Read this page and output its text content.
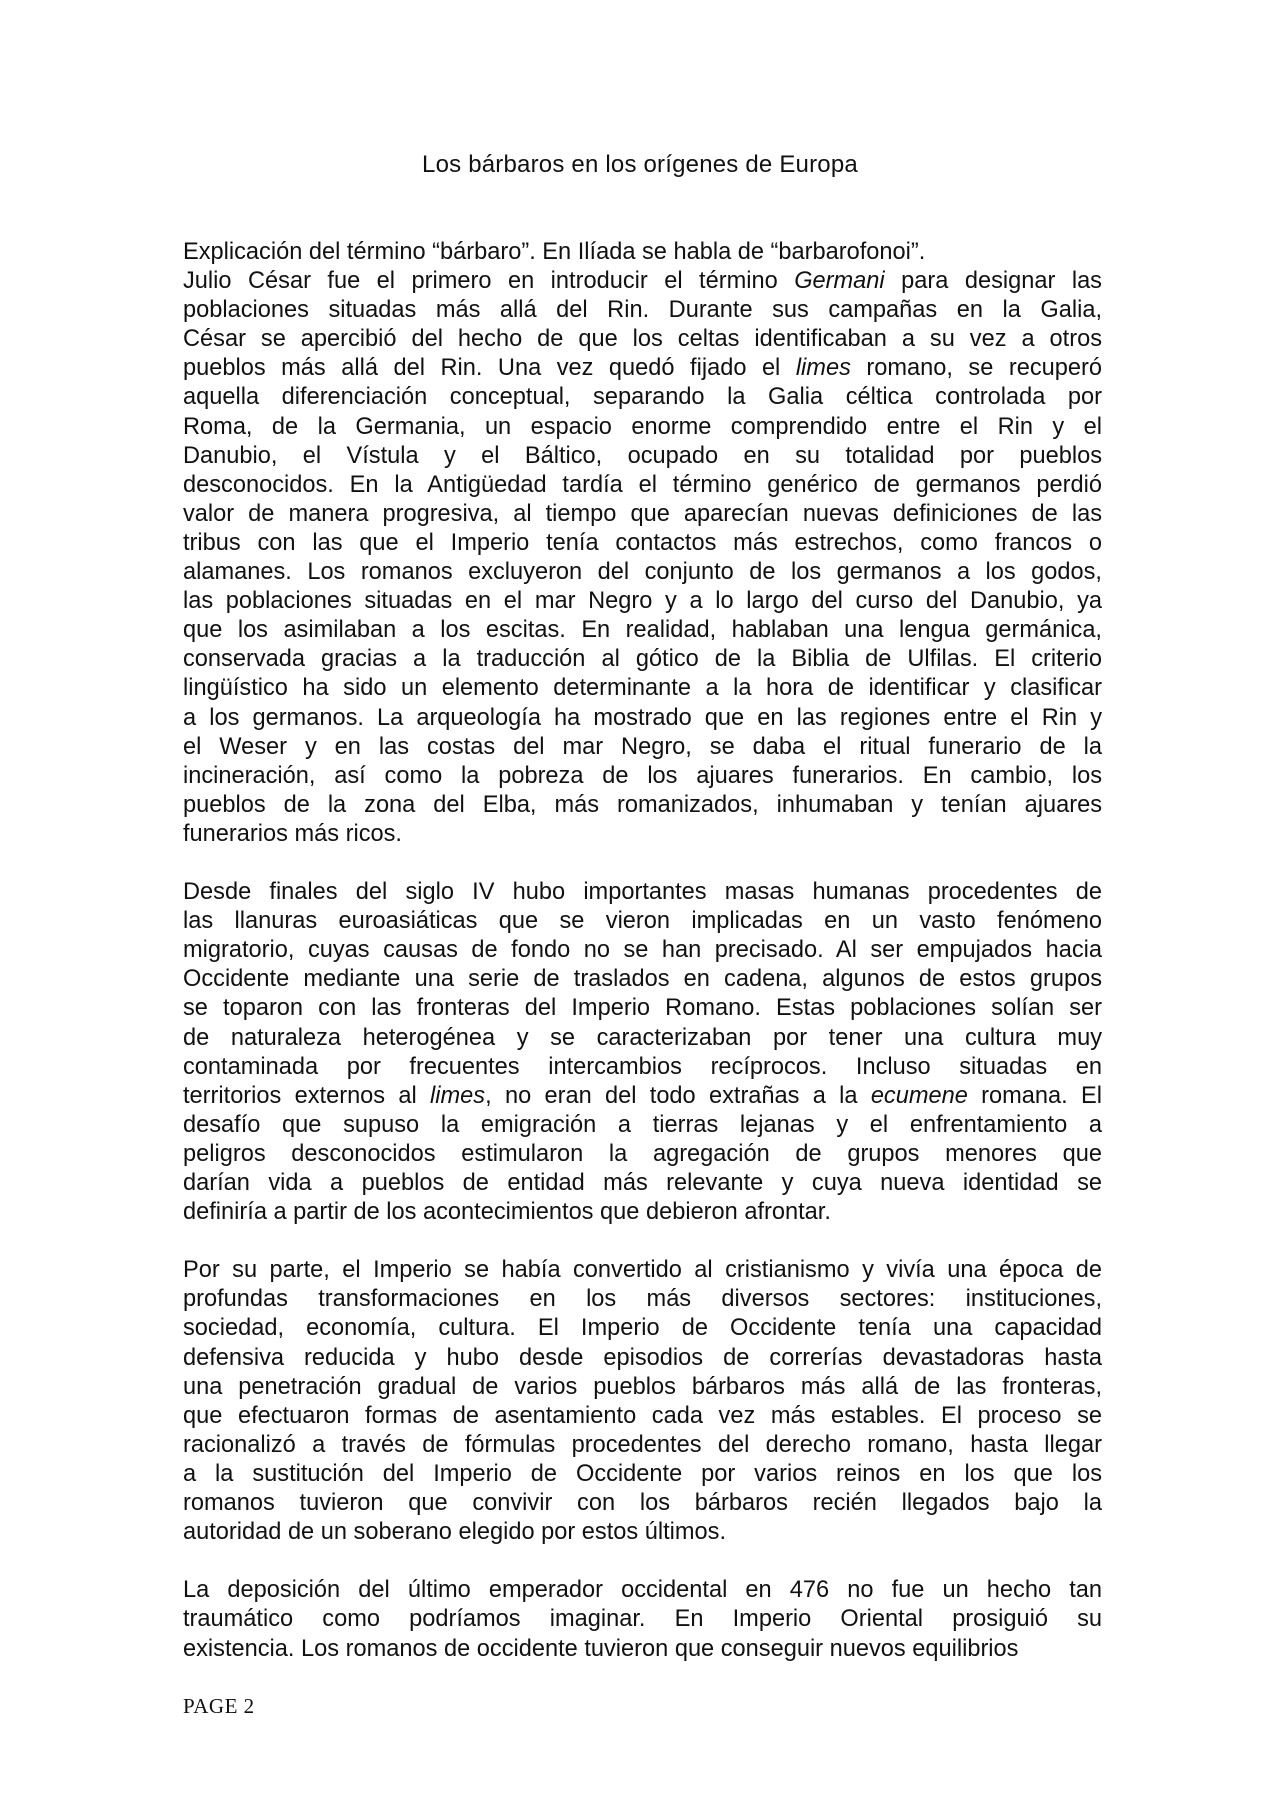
Los bárbaros en los orígenes de Europa
Explicación del término “bárbaro”. En Ilíada se habla de “barbarofonoi”.
Julio César fue el primero en introducir el término Germani para designar las
poblaciones situadas más allá del Rin. Durante sus campañas en la Galia,
César se apercibió del hecho de que los celtas identificaban a su vez a otros
pueblos más allá del Rin. Una vez quedó fijado el limes romano, se recuperó
aquella diferenciación conceptual, separando la Galia céltica controlada por
Roma, de la Germania, un espacio enorme comprendido entre el Rin y el
Danubio, el Vístula y el Báltico, ocupado en su totalidad por pueblos
desconocidos. En la Antigüedad tardía el término genérico de germanos perdió
valor de manera progresiva, al tiempo que aparecían nuevas definiciones de las
tribus con las que el Imperio tenía contactos más estrechos, como francos o
alamanes. Los romanos excluyeron del conjunto de los germanos a los godos,
las poblaciones situadas en el mar Negro y a lo largo del curso del Danubio, ya
que los asimilaban a los escitas. En realidad, hablaban una lengua germánica,
conservada gracias a la traducción al gótico de la Biblia de Ulfilas. El criterio
lingüístico ha sido un elemento determinante a la hora de identificar y clasificar
a los germanos. La arqueología ha mostrado que en las regiones entre el Rin y
el Weser y en las costas del mar Negro, se daba el ritual funerario de la
incineración, así como la pobreza de los ajuares funerarios. En cambio, los
pueblos de la zona del Elba, más romanizados, inhumaban y tenían ajuares
funerarios más ricos.
Desde finales del siglo IV hubo importantes masas humanas procedentes de
las llanuras euroasiáticas que se vieron implicadas en un vasto fenómeno
migratorio, cuyas causas de fondo no se han precisado. Al ser empujados hacia
Occidente mediante una serie de traslados en cadena, algunos de estos grupos
se toparon con las fronteras del Imperio Romano. Estas poblaciones solían ser
de naturaleza heterogénea y se caracterizaban por tener una cultura muy
contaminada por frecuentes intercambios recíprocos. Incluso situadas en
territorios externos al limes, no eran del todo extrañas a la ecumene romana. El
desafío que supuso la emigración a tierras lejanas y el enfrentamiento a
peligros desconocidos estimularon la agregación de grupos menores que
darían vida a pueblos de entidad más relevante y cuya nueva identidad se
definiría a partir de los acontecimientos que debieron afrontar.
Por su parte, el Imperio se había convertido al cristianismo y vivía una época de
profundas transformaciones en los más diversos sectores: instituciones,
sociedad, economía, cultura. El Imperio de Occidente tenía una capacidad
defensiva reducida y hubo desde episodios de correrías devastadoras hasta
una penetración gradual de varios pueblos bárbaros más allá de las fronteras,
que efectuaron formas de asentamiento cada vez más estables. El proceso se
racionalizó a través de fórmulas procedentes del derecho romano, hasta llegar
a la sustitución del Imperio de Occidente por varios reinos en los que los
romanos tuvieron que convivir con los bárbaros recién llegados bajo la
autoridad de un soberano elegido por estos últimos.
La deposición del último emperador occidental en 476 no fue un hecho tan
traumático como podríamos imaginar. En Imperio Oriental prosiguió su
existencia. Los romanos de occidente tuvieron que conseguir nuevos equilibrios
PAGE 2
